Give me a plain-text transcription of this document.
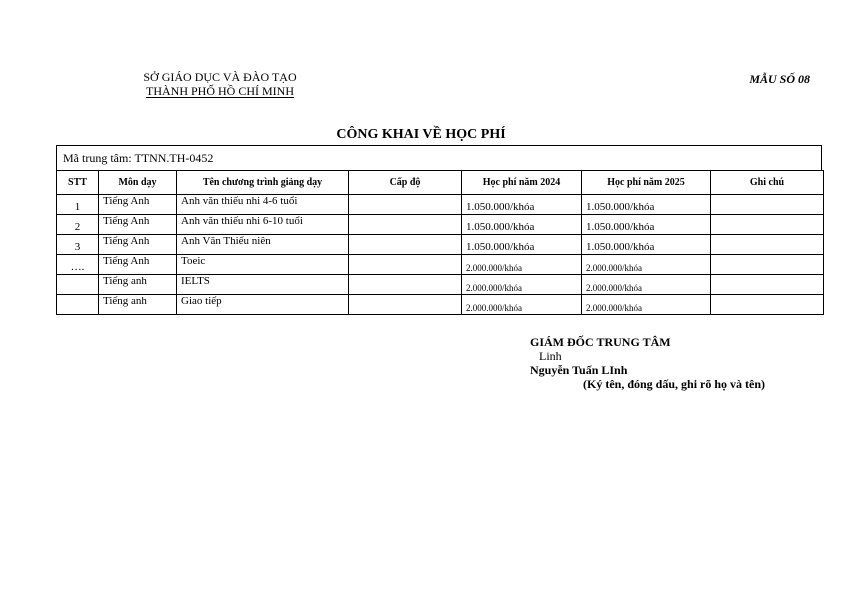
SỞ GIÁO DỤC VÀ ĐÀO TẠO
THÀNH PHỐ HỒ CHÍ MINH
MẪU SỐ 08
CÔNG KHAI VỀ HỌC PHÍ
Mã trung tâm: TTNN.TH-0452
STT	Môn dạy	Tên chương trình giảng dạy	Cấp độ	Học phí năm 2024	Học phí năm 2025	Ghi chú
1	Tiếng Anh	Anh văn thiếu nhi 4-6 tuổi		1.050.000/khóa	1.050.000/khóa	
2	Tiếng Anh	Anh văn thiếu nhi 6-10 tuổi		1.050.000/khóa	1.050.000/khóa	
3	Tiếng Anh	Anh Văn Thiếu niên		1.050.000/khóa	1.050.000/khóa	
….	Tiếng Anh	Toeic		2.000.000/khóa	2.000.000/khóa	
	Tiếng anh	IELTS		2.000.000/khóa	2.000.000/khóa	
	Tiếng anh	Giao tiếp		2.000.000/khóa	2.000.000/khóa	
GIÁM ĐỐC TRUNG TÂM
Linh
Nguyễn Tuấn LInh
(Ký tên, đóng dấu, ghi rõ họ và tên)
